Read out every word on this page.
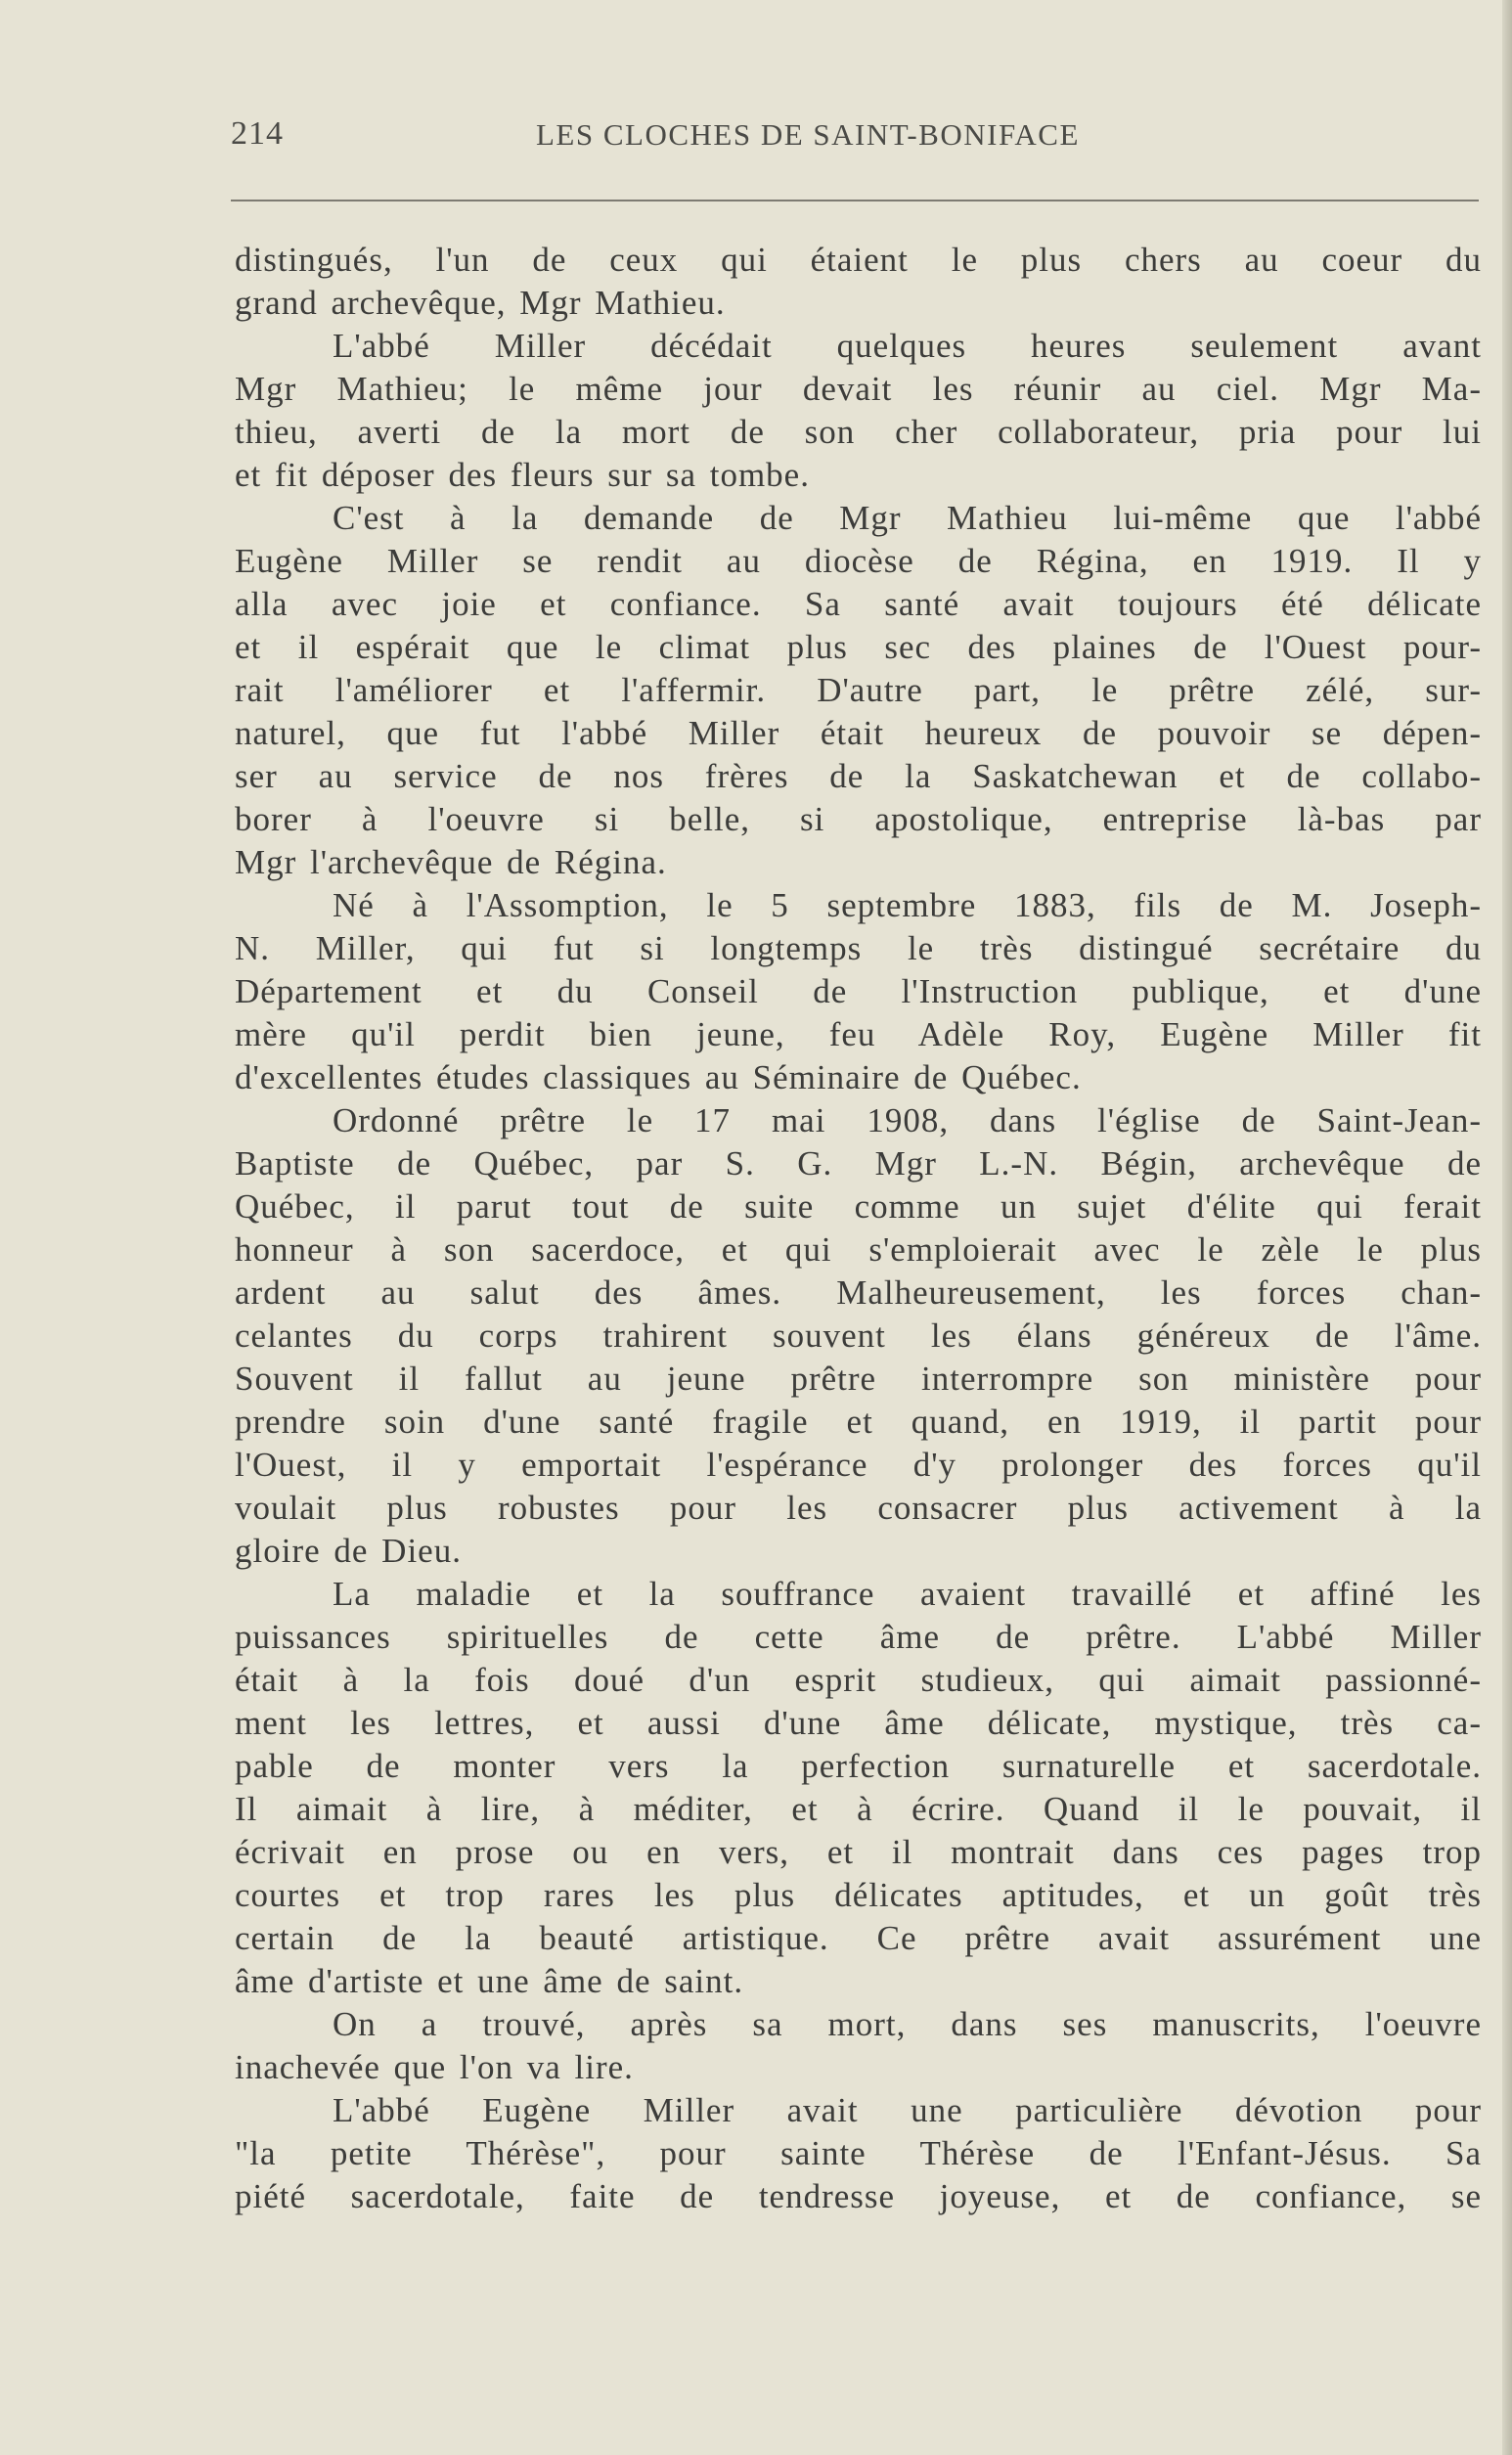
214	LES CLOCHES DE SAINT-BONIFACE
distingués, l'un de ceux qui étaient le plus chers au coeur du
grand archevêque, Mgr Mathieu.
L'abbé Miller décédait quelques heures seulement avant
Mgr Mathieu; le même jour devait les réunir au ciel. Mgr Ma-
thieu, averti de la mort de son cher collaborateur, pria pour lui
et fit déposer des fleurs sur sa tombe.
C'est à la demande de Mgr Mathieu lui-même que l'abbé
Eugène Miller se rendit au diocèse de Régina, en 1919. Il y
alla avec joie et confiance. Sa santé avait toujours été délicate
et il espérait que le climat plus sec des plaines de l'Ouest pour-
rait l'améliorer et l'affermir. D'autre part, le prêtre zélé, sur-
naturel, que fut l'abbé Miller était heureux de pouvoir se dépen-
ser au service de nos frères de la Saskatchewan et de collabo-
borer à l'oeuvre si belle, si apostolique, entreprise là-bas par
Mgr l'archevêque de Régina.
Né à l'Assomption, le 5 septembre 1883, fils de M. Joseph-
N. Miller, qui fut si longtemps le très distingué secrétaire du
Département et du Conseil de l'Instruction publique, et d'une
mère qu'il perdit bien jeune, feu Adèle Roy, Eugène Miller fit
d'excellentes études classiques au Séminaire de Québec.
Ordonné prêtre le 17 mai 1908, dans l'église de Saint-Jean-
Baptiste de Québec, par S. G. Mgr L.-N. Bégin, archevêque de
Québec, il parut tout de suite comme un sujet d'élite qui ferait
honneur à son sacerdoce, et qui s'emploierait avec le zèle le plus
ardent au salut des âmes. Malheureusement, les forces chan-
celantes du corps trahirent souvent les élans généreux de l'âme.
Souvent il fallut au jeune prêtre interrompre son ministère pour
prendre soin d'une santé fragile et quand, en 1919, il partit pour
l'Ouest, il y emportait l'espérance d'y prolonger des forces qu'il
voulait plus robustes pour les consacrer plus activement à la
gloire de Dieu.
La maladie et la souffrance avaient travaillé et affiné les
puissances spirituelles de cette âme de prêtre. L'abbé Miller
était à la fois doué d'un esprit studieux, qui aimait passionné-
ment les lettres, et aussi d'une âme délicate, mystique, très ca-
pable de monter vers la perfection surnaturelle et sacerdotale.
Il aimait à lire, à méditer, et à écrire. Quand il le pouvait, il
écrivait en prose ou en vers, et il montrait dans ces pages trop
courtes et trop rares les plus délicates aptitudes, et un goût très
certain de la beauté artistique. Ce prêtre avait assurément une
âme d'artiste et une âme de saint.
On a trouvé, après sa mort, dans ses manuscrits, l'oeuvre
inachevée que l'on va lire.
L'abbé Eugène Miller avait une particulière dévotion pour
"la petite Thérèse", pour sainte Thérèse de l'Enfant-Jésus. Sa
piété sacerdotale, faite de tendresse joyeuse, et de confiance, se
